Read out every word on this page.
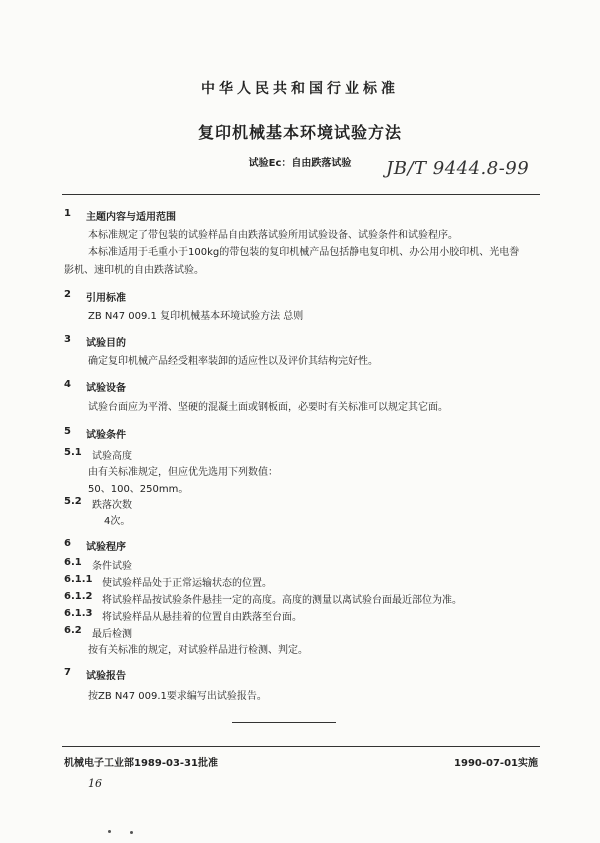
中华人民共和国行业标准
复印机械基本环境试验方法
试验Ec：自由跌落试验	JB/T 9444.8-99
1 主题内容与适用范围
本标准规定了带包装的试验样品自由跌落试验所用试验设备、试验条件和试验程序。
本标准适用于毛重小于100kg的带包装的复印机械产品包括静电复印机、办公用小胶印机、光电誊
影机、速印机的自由跌落试验。
2 引用标准
ZB N47 009.1 复印机械基本环境试验方法 总则
3 试验目的
确定复印机械产品经受粗率装卸的适应性以及评价其结构完好性。
4 试验设备
试验台面应为平滑、坚硬的混凝土面或钢板面，必要时有关标准可以规定其它面。
5 试验条件
5.1 试验高度
由有关标准规定，但应优先选用下列数值：
50、100、250mm。
5.2 跌落次数
4次。
6 试验程序
6.1 条件试验
6.1.1 使试验样品处于正常运输状态的位置。
6.1.2 将试验样品按试验条件悬挂一定的高度。高度的测量以离试验台面最近部位为准。
6.1.3 将试验样品从悬挂着的位置自由跌落至台面。
6.2 最后检测
按有关标准的规定，对试验样品进行检测、判定。
7 试验报告
按ZB N47 009.1要求编写出试验报告。
机械电子工业部1989-03-31批准	1990-07-01实施
16
